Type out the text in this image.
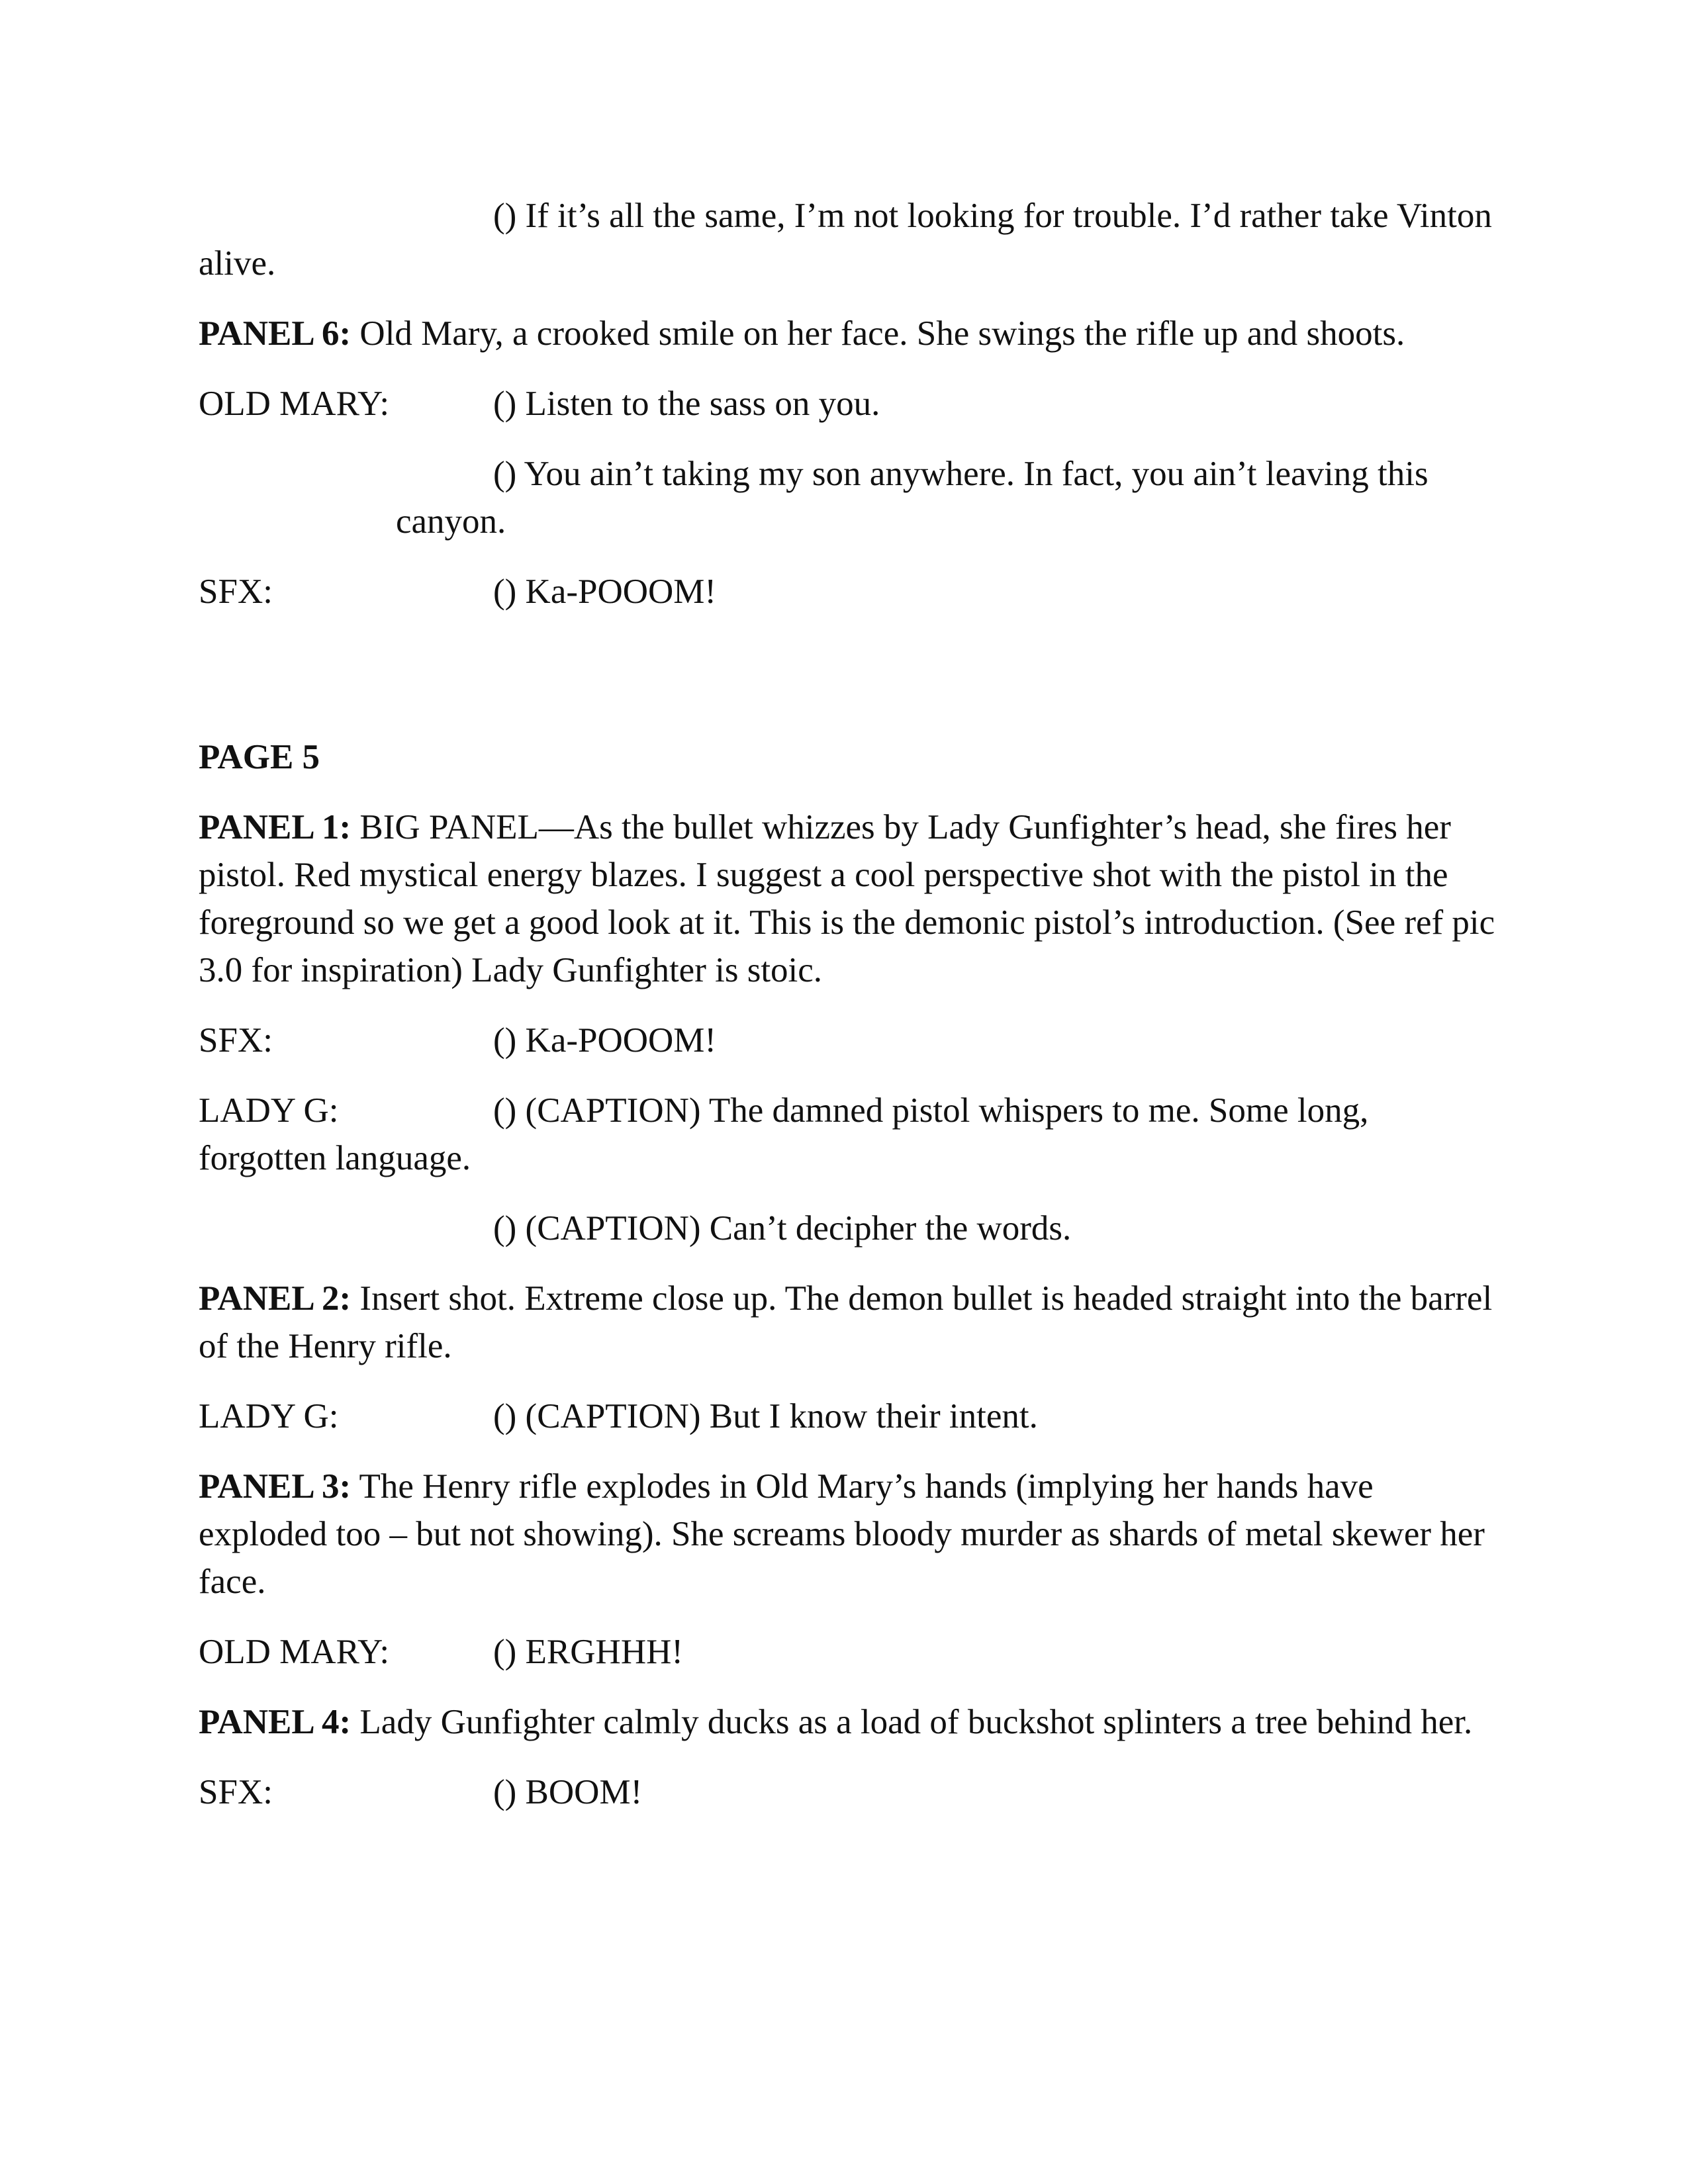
() If it’s all the same, I’m not looking for trouble. I’d rather take Vinton alive.

PANEL 6: Old Mary, a crooked smile on her face. She swings the rifle up and shoots.

OLD MARY:	() Listen to the sass on you.

() You ain’t taking my son anywhere. In fact, you ain’t leaving this canyon.

SFX:	() Ka-POOOM!

PAGE 5

PANEL 1: BIG PANEL—As the bullet whizzes by Lady Gunfighter’s head, she fires her pistol. Red mystical energy blazes. I suggest a cool perspective shot with the pistol in the foreground so we get a good look at it. This is the demonic pistol’s introduction. (See ref pic 3.0 for inspiration) Lady Gunfighter is stoic.

SFX:	() Ka-POOOM!

LADY G:	() (CAPTION) The damned pistol whispers to me. Some long, forgotten language.

() (CAPTION) Can’t decipher the words.

PANEL 2: Insert shot. Extreme close up. The demon bullet is headed straight into the barrel of the Henry rifle.

LADY G:	() (CAPTION) But I know their intent.

PANEL 3: The Henry rifle explodes in Old Mary’s hands (implying her hands have exploded too – but not showing). She screams bloody murder as shards of metal skewer her face.

OLD MARY:	() ERGHHH!

PANEL 4: Lady Gunfighter calmly ducks as a load of buckshot splinters a tree behind her.

SFX:	() BOOM!
